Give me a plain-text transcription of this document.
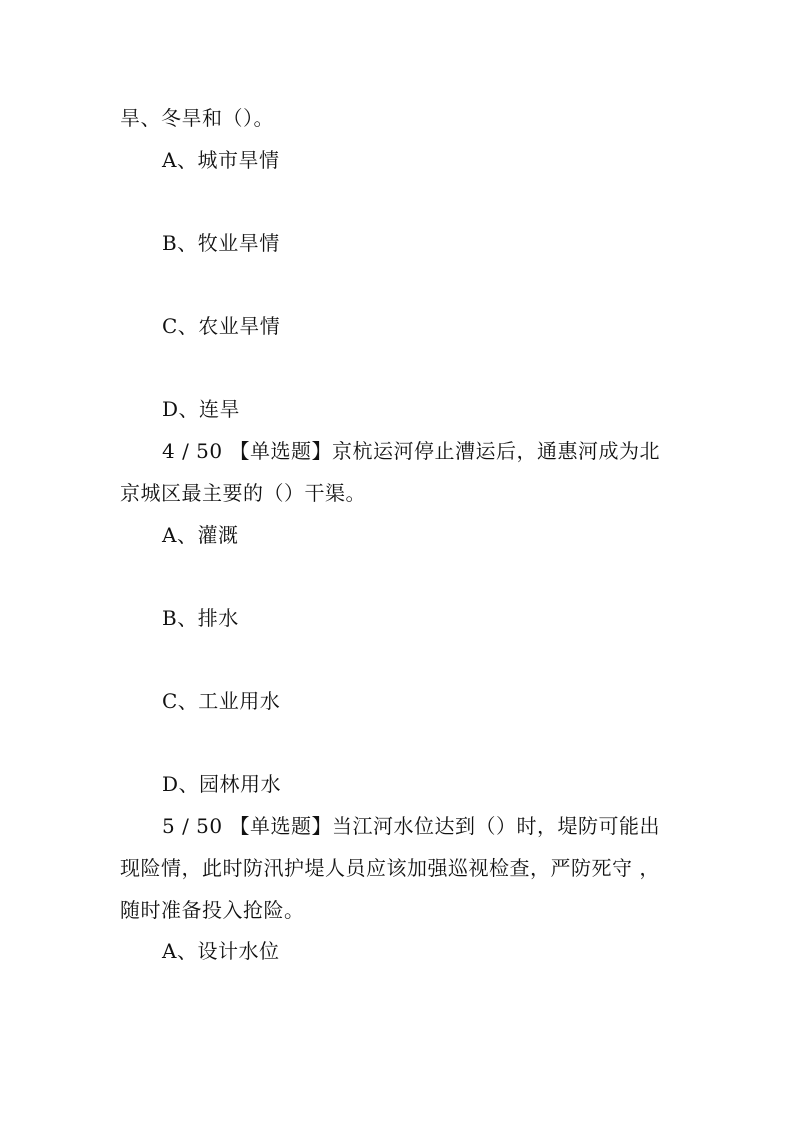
旱、冬旱和（）。
A、城市旱情
B、牧业旱情
C、农业旱情
D、连旱
4 / 50 【单选题】京杭运河停止漕运后，通惠河成为北
京城区最主要的（）干渠。
A、灌溉
B、排水
C、工业用水
D、园林用水
5 / 50 【单选题】当江河水位达到（）时，堤防可能出
现险情，此时防汛护堤人员应该加强巡视检查，严防死守 ，
随时准备投入抢险。
A、设计水位
